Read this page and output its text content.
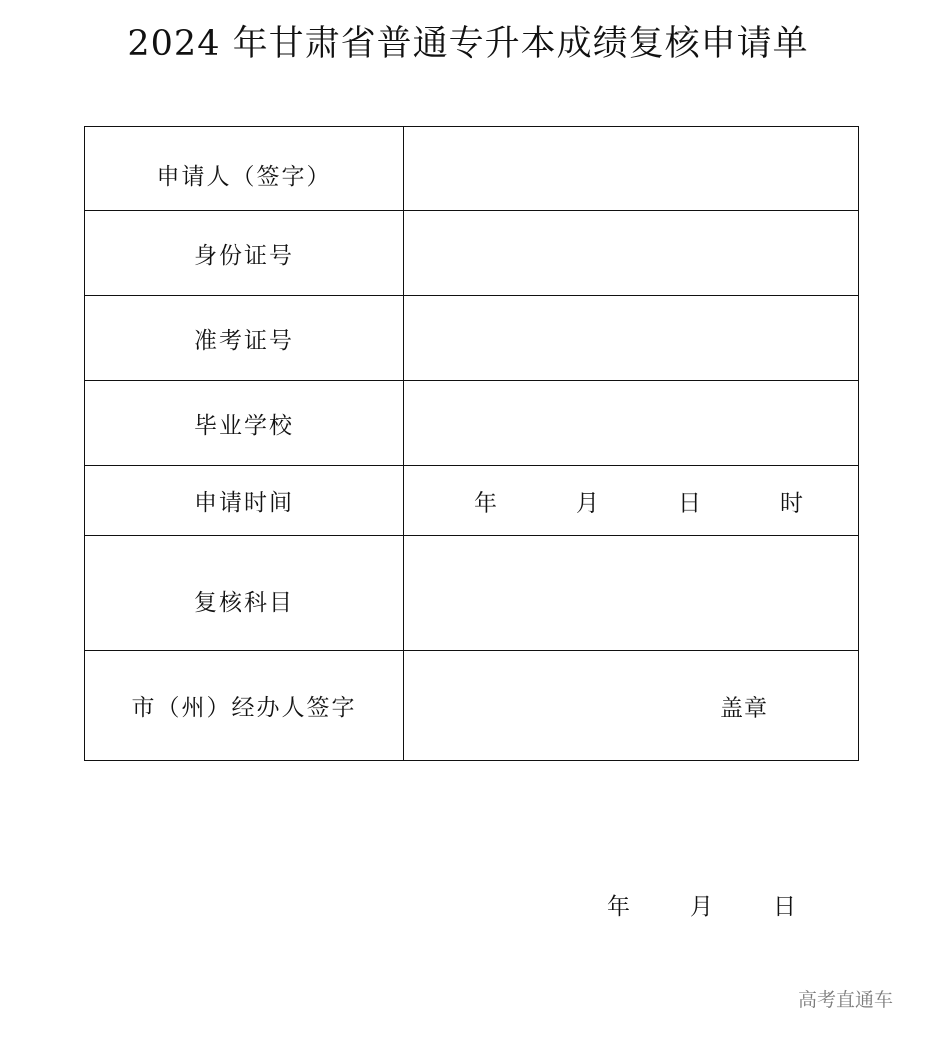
2024 年甘肃省普通专升本成绩复核申请单
申请人（签字）	
身份证号	
准考证号	
毕业学校	
申请时间	年 月 日 时

复核科目	
市（州）经办人签字	盖章
年	月	日
高考直通车
